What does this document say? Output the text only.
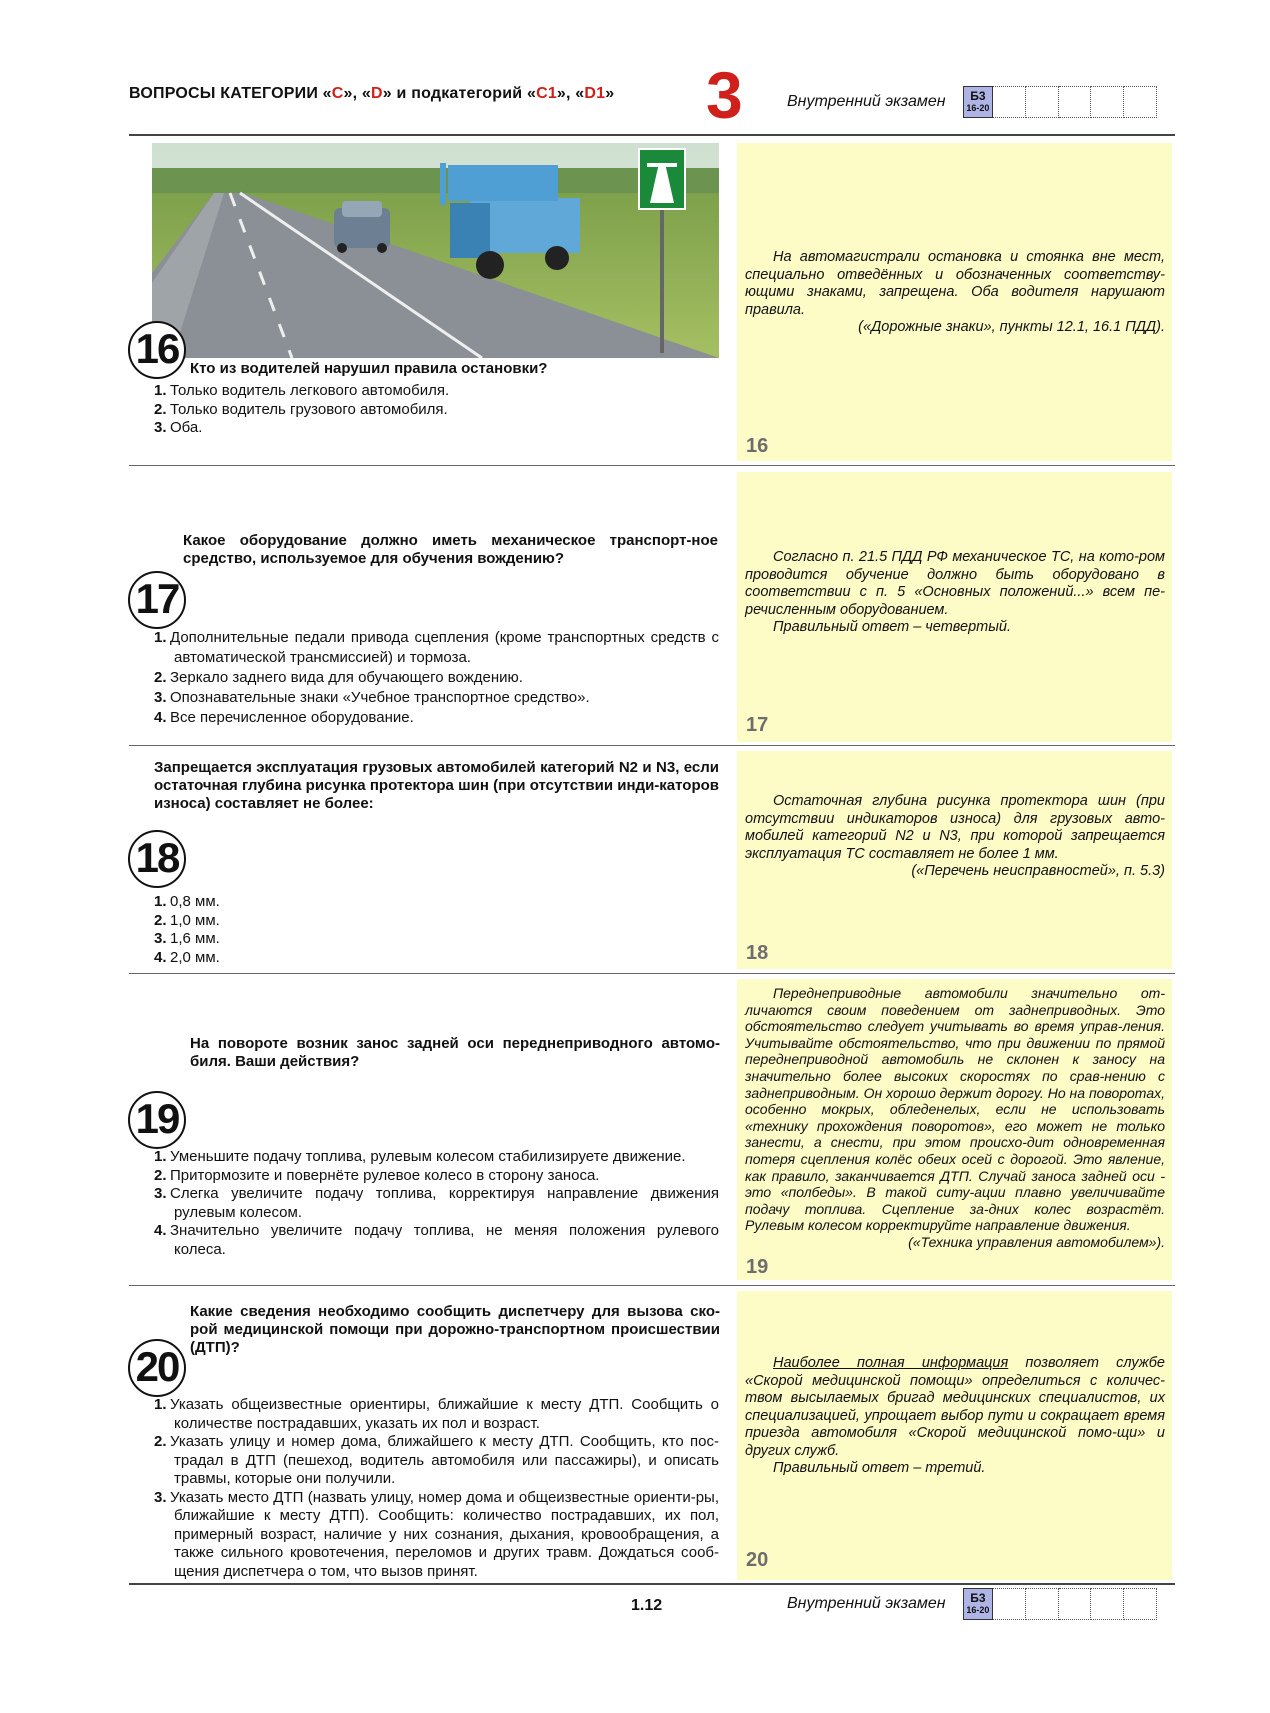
ВОПРОСЫ КАТЕГОРИИ «C», «D» и подкатегорий «C1», «D1» 3	Внутренний экзамен	Б3
16-20
16 Кто из водителей нарушил правила остановки?
1. Только водитель легкового автомобиля.
2. Только водитель грузового автомобиля.
3. Оба.

На автомагистрали остановка и стоянка вне мест, специально отведённых и обозначенных соответству-ющими знаками, запрещена. Оба водителя нарушают правила.

(«Дорожные знаки», пункты 12.1, 16.1 ПДД).

16
Какое оборудование должно иметь механическое транспорт-ное средство, используемое для обучения вождению?
17
1. Дополнительные педали привода сцепления (кроме транспортных средств с автоматической трансмиссией) и тормоза.
2. Зеркало заднего вида для обучающего вождению.
3. Опознавательные знаки «Учебное транспортное средство».
4. Все перечисленное оборудование.

Согласно п. 21.5 ПДД РФ механическое ТС, на кото-ром проводится обучение должно быть оборудовано в соответствии с п. 5 «Основных положений...» всем пе-речисленным оборудованием.

Правильный ответ – четвертый.

17
Запрещается эксплуатация грузовых автомобилей категорий N2 и N3, если остаточная глубина рисунка протектора шин (при отсутствии инди-каторов износа) составляет не более:
18
1. 0,8 мм.
2. 1,0 мм.
3. 1,6 мм.
4. 2,0 мм.

Остаточная глубина рисунка протектора шин (при отсутствии индикаторов износа) для грузовых авто-мобилей категорий N2 и N3, при которой запрещается эксплуатация ТС составляет не более 1 мм.

(«Перечень неисправностей», п. 5.3)

18
На повороте возник занос задней оси переднеприводного автомо-биля. Ваши действия?
19
1. Уменьшите подачу топлива, рулевым колесом стабилизируете движение.
2. Притормозите и повернёте рулевое колесо в сторону заноса.
3. Слегка увеличите подачу топлива, корректируя направление движения рулевым колесом.
4. Значительно увеличите подачу топлива, не меняя положения рулевого колеса.

Переднеприводные автомобили значительно от-личаются своим поведением от заднеприводных. Это обстоятельство следует учитывать во время управ-ления. Учитывайте обстоятельство, что при движении по прямой переднеприводной автомобиль не склонен к заносу на значительно более высоких скоростях по срав-нению с заднеприводным. Он хорошо держит дорогу. Но на поворотах, особенно мокрых, обледенелых, если не использовать «технику прохождения поворотов», его может не только занести, а снести, при этом происхо-дит одновременная потеря сцепления колёс обеих осей с дорогой. Это явление, как правило, заканчивается ДТП. Случай заноса задней оси - это «полбеды». В такой ситу-ации плавно увеличивайте подачу топлива. Сцепление за-дних колес возрастёт. Рулевым колесом корректируйте направление движения.

(«Техника управления автомобилем»).

19
Какие сведения необходимо сообщить диспетчеру для вызова ско-рой медицинской помощи при дорожно-транспортном происшествии (ДТП)?
20
1. Указать общеизвестные ориентиры, ближайшие к месту ДТП. Сообщить о количестве пострадавших, указать их пол и возраст.
2. Указать улицу и номер дома, ближайшего к месту ДТП. Сообщить, кто пос-традал в ДТП (пешеход, водитель автомобиля или пассажиры), и описать травмы, которые они получили.
3. Указать место ДТП (назвать улицу, номер дома и общеизвестные ориенти-ры, ближайшие к месту ДТП). Сообщить: количество пострадавших, их пол, примерный возраст, наличие у них сознания, дыхания, кровообращения, а также сильного кровотечения, переломов и других травм. Дождаться сооб-щения диспетчера о том, что вызов принят.

Наиболее полная информация позволяет службе «Скорой медицинской помощи» определиться с количес-твом высылаемых бригад медицинских специалистов, их специализацией, упрощает выбор пути и сокращает время приезда автомобиля «Скорой медицинской помо-щи» и других служб.

Правильный ответ – третий.

20
1.12	Внутренний экзамен	Б3
16-20
